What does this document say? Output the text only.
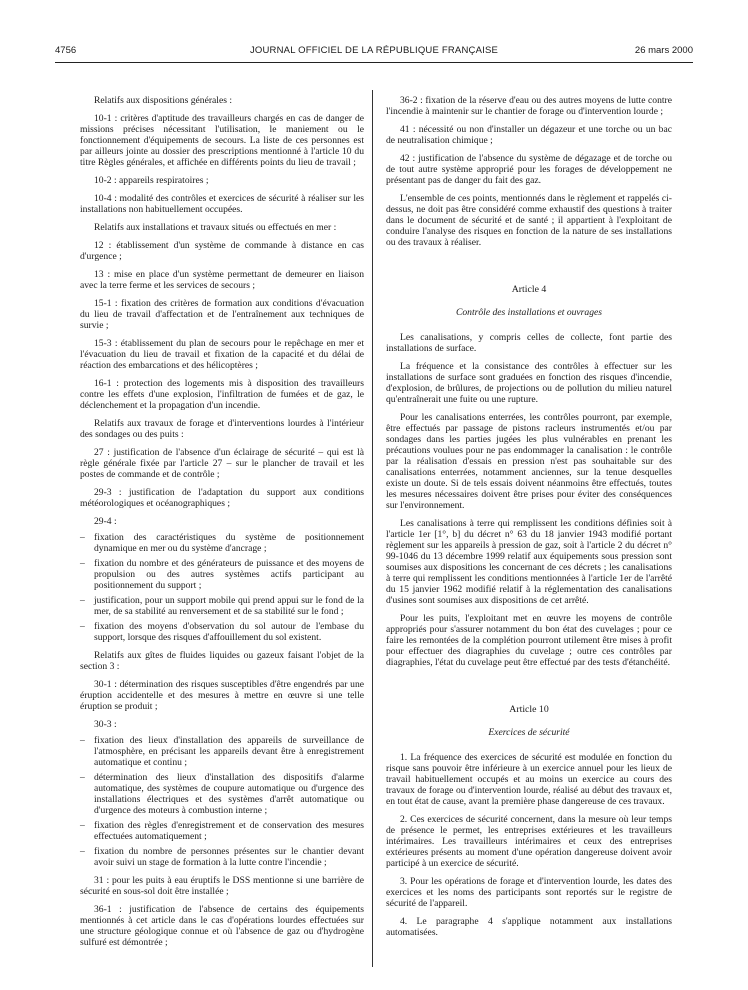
4756	JOURNAL OFFICIEL DE LA RÉPUBLIQUE FRANÇAISE	26 mars 2000

Relatifs aux dispositions générales :

10-1 : critères d'aptitude des travailleurs chargés en cas de danger de missions précises nécessitant l'utilisation, le maniement ou le fonctionnement d'équipements de secours. La liste de ces personnes est par ailleurs jointe au dossier des prescriptions mentionné à l'article 10 du titre Règles générales, et affichée en différents points du lieu de travail ;

10-2 : appareils respiratoires ;

10-4 : modalité des contrôles et exercices de sécurité à réaliser sur les installations non habituellement occupées.

Relatifs aux installations et travaux situés ou effectués en mer :

12 : établissement d'un système de commande à distance en cas d'urgence ;

13 : mise en place d'un système permettant de demeurer en liaison avec la terre ferme et les services de secours ;

15-1 : fixation des critères de formation aux conditions d'évacuation du lieu de travail d'affectation et de l'entraînement aux techniques de survie ;

15-3 : établissement du plan de secours pour le repêchage en mer et l'évacuation du lieu de travail et fixation de la capacité et du délai de réaction des embarcations et des hélicoptères ;

16-1 : protection des logements mis à disposition des travailleurs contre les effets d'une explosion, l'infiltration de fumées et de gaz, le déclenchement et la propagation d'un incendie.

Relatifs aux travaux de forage et d'interventions lourdes à l'intérieur des sondages ou des puits :

27 : justification de l'absence d'un éclairage de sécurité – qui est là règle générale fixée par l'article 27 – sur le plancher de travail et les postes de commande et de contrôle ;

29-3 : justification de l'adaptation du support aux conditions météorologiques et océanographiques ;

29-4 :

– fixation des caractéristiques du système de positionnement dynamique en mer ou du système d'ancrage ;
– fixation du nombre et des générateurs de puissance et des moyens de propulsion ou des autres systèmes actifs participant au positionnement du support ;
– justification, pour un support mobile qui prend appui sur le fond de la mer, de sa stabilité au renversement et de sa stabilité sur le fond ;
– fixation des moyens d'observation du sol autour de l'embase du support, lorsque des risques d'affouillement du sol existent.

Relatifs aux gîtes de fluides liquides ou gazeux faisant l'objet de la section 3 :

30-1 : détermination des risques susceptibles d'être engendrés par une éruption accidentelle et des mesures à mettre en œuvre si une telle éruption se produit ;

30-3 :

– fixation des lieux d'installation des appareils de surveillance de l'atmosphère, en précisant les appareils devant être à enregistrement automatique et continu ;
– détermination des lieux d'installation des dispositifs d'alarme automatique, des systèmes de coupure automatique ou d'urgence des installations électriques et des systèmes d'arrêt automatique ou d'urgence des moteurs à combustion interne ;
– fixation des règles d'enregistrement et de conservation des mesures effectuées automatiquement ;
– fixation du nombre de personnes présentes sur le chantier devant avoir suivi un stage de formation à la lutte contre l'incendie ;

31 : pour les puits à eau éruptifs le DSS mentionne si une barrière de sécurité en sous-sol doit être installée ;

36-1 : justification de l'absence de certains des équipements mentionnés à cet article dans le cas d'opérations lourdes effectuées sur une structure géologique connue et où l'absence de gaz ou d'hydrogène sulfuré est démontrée ;

36-2 : fixation de la réserve d'eau ou des autres moyens de lutte contre l'incendie à maintenir sur le chantier de forage ou d'intervention lourde ;

41 : nécessité ou non d'installer un dégazeur et une torche ou un bac de neutralisation chimique ;

42 : justification de l'absence du système de dégazage et de torche ou de tout autre système approprié pour les forages de développement ne présentant pas de danger du fait des gaz.

L'ensemble de ces points, mentionnés dans le règlement et rappelés ci-dessus, ne doit pas être considéré comme exhaustif des questions à traiter dans le document de sécurité et de santé ; il appartient à l'exploitant de conduire l'analyse des risques en fonction de la nature de ses installations ou des travaux à réaliser.

Article 4
Contrôle des installations et ouvrages

Les canalisations, y compris celles de collecte, font partie des installations de surface.

La fréquence et la consistance des contrôles à effectuer sur les installations de surface sont graduées en fonction des risques d'incendie, d'explosion, de brûlures, de projections ou de pollution du milieu naturel qu'entraînerait une fuite ou une rupture.

Pour les canalisations enterrées, les contrôles pourront, par exemple, être effectués par passage de pistons racleurs instrumentés et/ou par sondages dans les parties jugées les plus vulnérables en prenant les précautions voulues pour ne pas endommager la canalisation : le contrôle par la réalisation d'essais en pression n'est pas souhaitable sur des canalisations enterrées, notamment anciennes, sur la tenue desquelles existe un doute. Si de tels essais doivent néanmoins être effectués, toutes les mesures nécessaires doivent être prises pour éviter des conséquences sur l'environnement.

Les canalisations à terre qui remplissent les conditions définies soit à l'article 1er [1°, b] du décret n° 63 du 18 janvier 1943 modifié portant règlement sur les appareils à pression de gaz, soit à l'article 2 du décret n° 99-1046 du 13 décembre 1999 relatif aux équipements sous pression sont soumises aux dispositions les concernant de ces décrets ; les canalisations à terre qui remplissent les conditions mentionnées à l'article 1er de l'arrêté du 15 janvier 1962 modifié relatif à la réglementation des canalisations d'usines sont soumises aux dispositions de cet arrêté.

Pour les puits, l'exploitant met en œuvre les moyens de contrôle appropriés pour s'assurer notamment du bon état des cuvelages ; pour ce faire les remontées de la complétion pourront utilement être mises à profit pour effectuer des diagraphies du cuvelage ; outre ces contrôles par diagraphies, l'état du cuvelage peut être effectué par des tests d'étanchéité.

Article 10
Exercices de sécurité

1. La fréquence des exercices de sécurité est modulée en fonction du risque sans pouvoir être inférieure à un exercice annuel pour les lieux de travail habituellement occupés et au moins un exercice au cours des travaux de forage ou d'intervention lourde, réalisé au début des travaux et, en tout état de cause, avant la première phase dangereuse de ces travaux.

2. Ces exercices de sécurité concernent, dans la mesure où leur temps de présence le permet, les entreprises extérieures et les travailleurs intérimaires. Les travailleurs intérimaires et ceux des entreprises extérieures présents au moment d'une opération dangereuse doivent avoir participé à un exercice de sécurité.

3. Pour les opérations de forage et d'intervention lourde, les dates des exercices et les noms des participants sont reportés sur le registre de sécurité de l'appareil.

4. Le paragraphe 4 s'applique notamment aux installations automatisées.
